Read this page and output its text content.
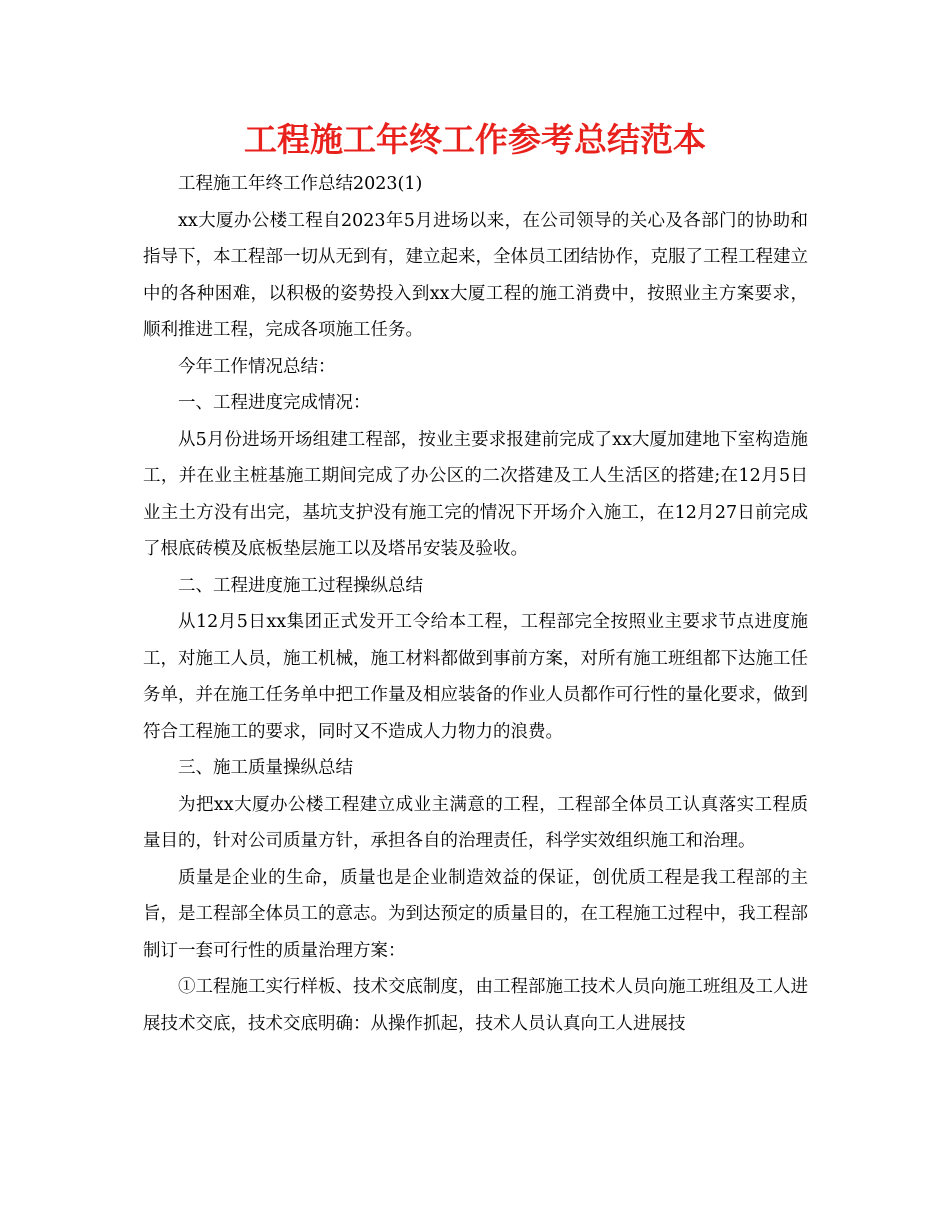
工程施工年终工作参考总结范本

工程施工年终工作总结2023(1)

xx大厦办公楼工程自2023年5月进场以来，在公司领导的关心及各部门的协助和指导下，本工程部一切从无到有，建立起来，全体员工团结协作，克服了工程工程建立中的各种困难，以积极的姿势投入到xx大厦工程的施工消费中，按照业主方案要求，顺利推进工程，完成各项施工任务。

今年工作情况总结：

一、工程进度完成情况：

从5月份进场开场组建工程部，按业主要求报建前完成了xx大厦加建地下室构造施工，并在业主桩基施工期间完成了办公区的二次搭建及工人生活区的搭建;在12月5日业主土方没有出完，基坑支护没有施工完的情况下开场介入施工，在12月27日前完成了根底砖模及底板垫层施工以及塔吊安装及验收。

二、工程进度施工过程操纵总结

从12月5日xx集团正式发开工令给本工程，工程部完全按照业主要求节点进度施工，对施工人员，施工机械，施工材料都做到事前方案，对所有施工班组都下达施工任务单，并在施工任务单中把工作量及相应装备的作业人员都作可行性的量化要求，做到符合工程施工的要求，同时又不造成人力物力的浪费。

三、施工质量操纵总结

为把xx大厦办公楼工程建立成业主满意的工程，工程部全体员工认真落实工程质量目的，针对公司质量方针，承担各自的治理责任，科学实效组织施工和治理。

质量是企业的生命，质量也是企业制造效益的保证，创优质工程是我工程部的主旨，是工程部全体员工的意志。为到达预定的质量目的，在工程施工过程中，我工程部制订一套可行性的质量治理方案：

①工程施工实行样板、技术交底制度，由工程部施工技术人员向施工班组及工人进展技术交底，技术交底明确：从操作抓起，技术人员认真向工人进展技
